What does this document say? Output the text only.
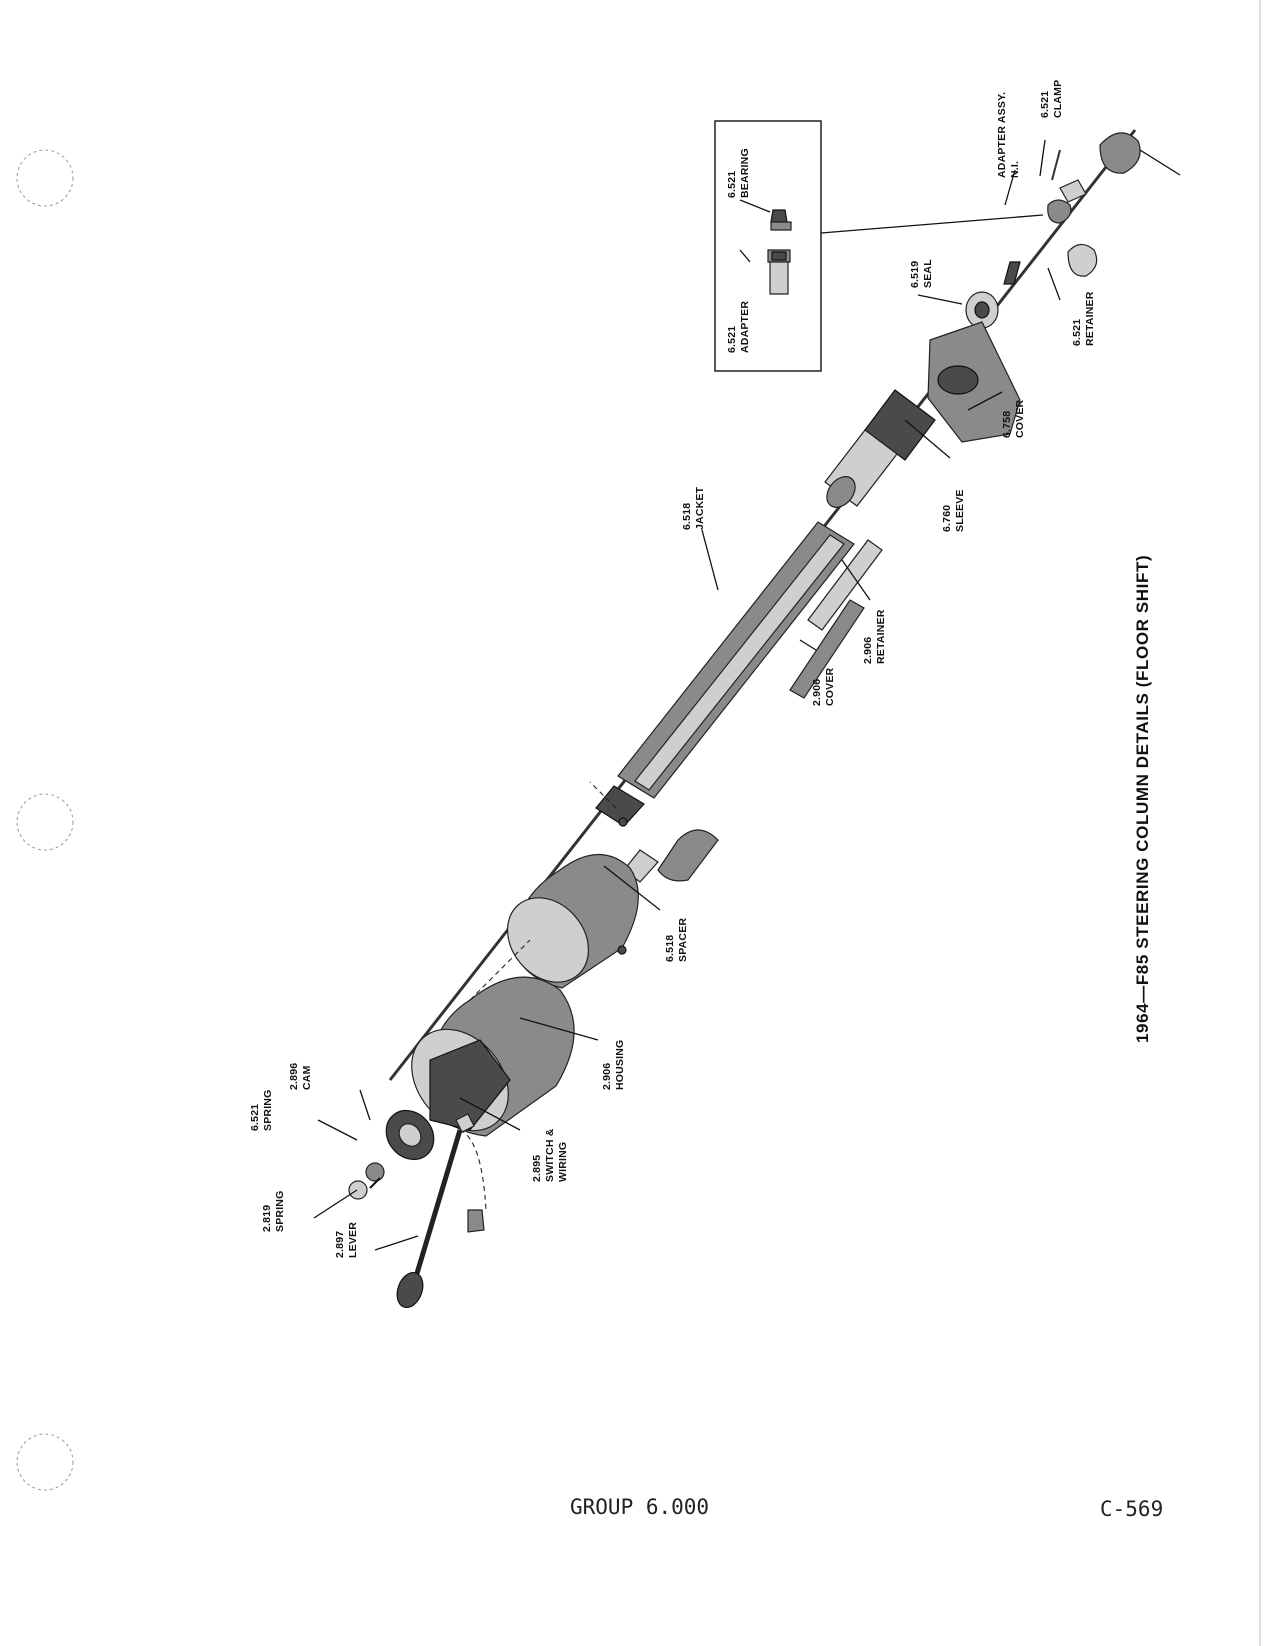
ADAPTER ASSY. N.I.
6.521 CLAMP
6.521 BEARING
6.521 ADAPTER	6.521 RETAINER
6.519 SEAL
6.758 COVER
6.760 SLEEVE
6.518 JACKET
2.906 RETAINER
2.906 COVER
6.518 SPACER
2.906 HOUSING
2.896 CAM
6.521 SPRING
2.895 SWITCH & WIRING
2.819 SPRING
2.897 LEVER
1964—F85 STEERING COLUMN DETAILS (FLOOR SHIFT)
GROUP 6.000	C-569
